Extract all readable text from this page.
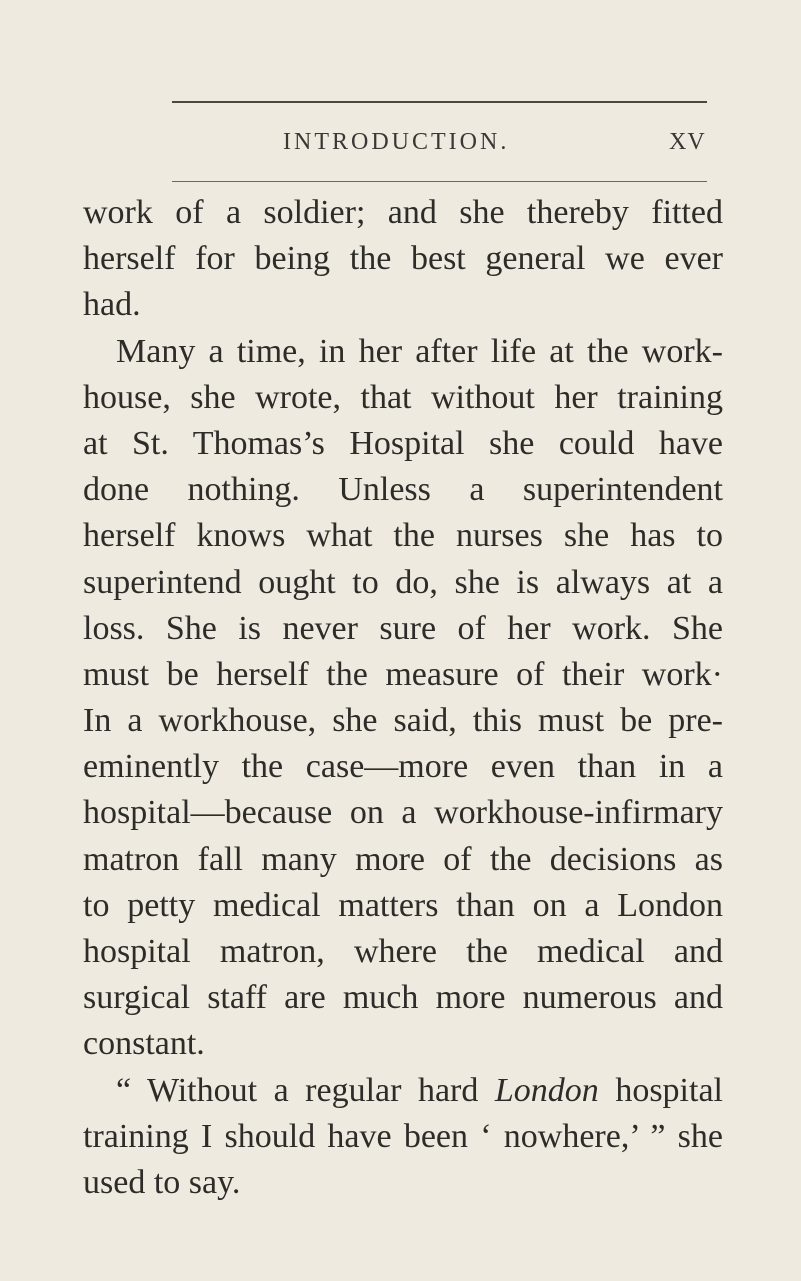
INTRODUCTION.	XV
work of a soldier; and she thereby fitted
herself for being the best general we ever
had.
Many a time, in her after life at the work-
house, she wrote, that without her training
at St. Thomas’s Hospital she could have
done nothing. Unless a superintendent
herself knows what the nurses she has to
superintend ought to do, she is always at a
loss. She is never sure of her work. She
must be herself the measure of their work·
In a workhouse, she said, this must be pre-
eminently the case—more even than in a
hospital—because on a workhouse-infirmary
matron fall many more of the decisions as
to petty medical matters than on a London
hospital matron, where the medical and
surgical staff are much more numerous and
constant.
“ Without a regular hard London hospital
training I should have been ‘ nowhere,’ ” she
used to say.
